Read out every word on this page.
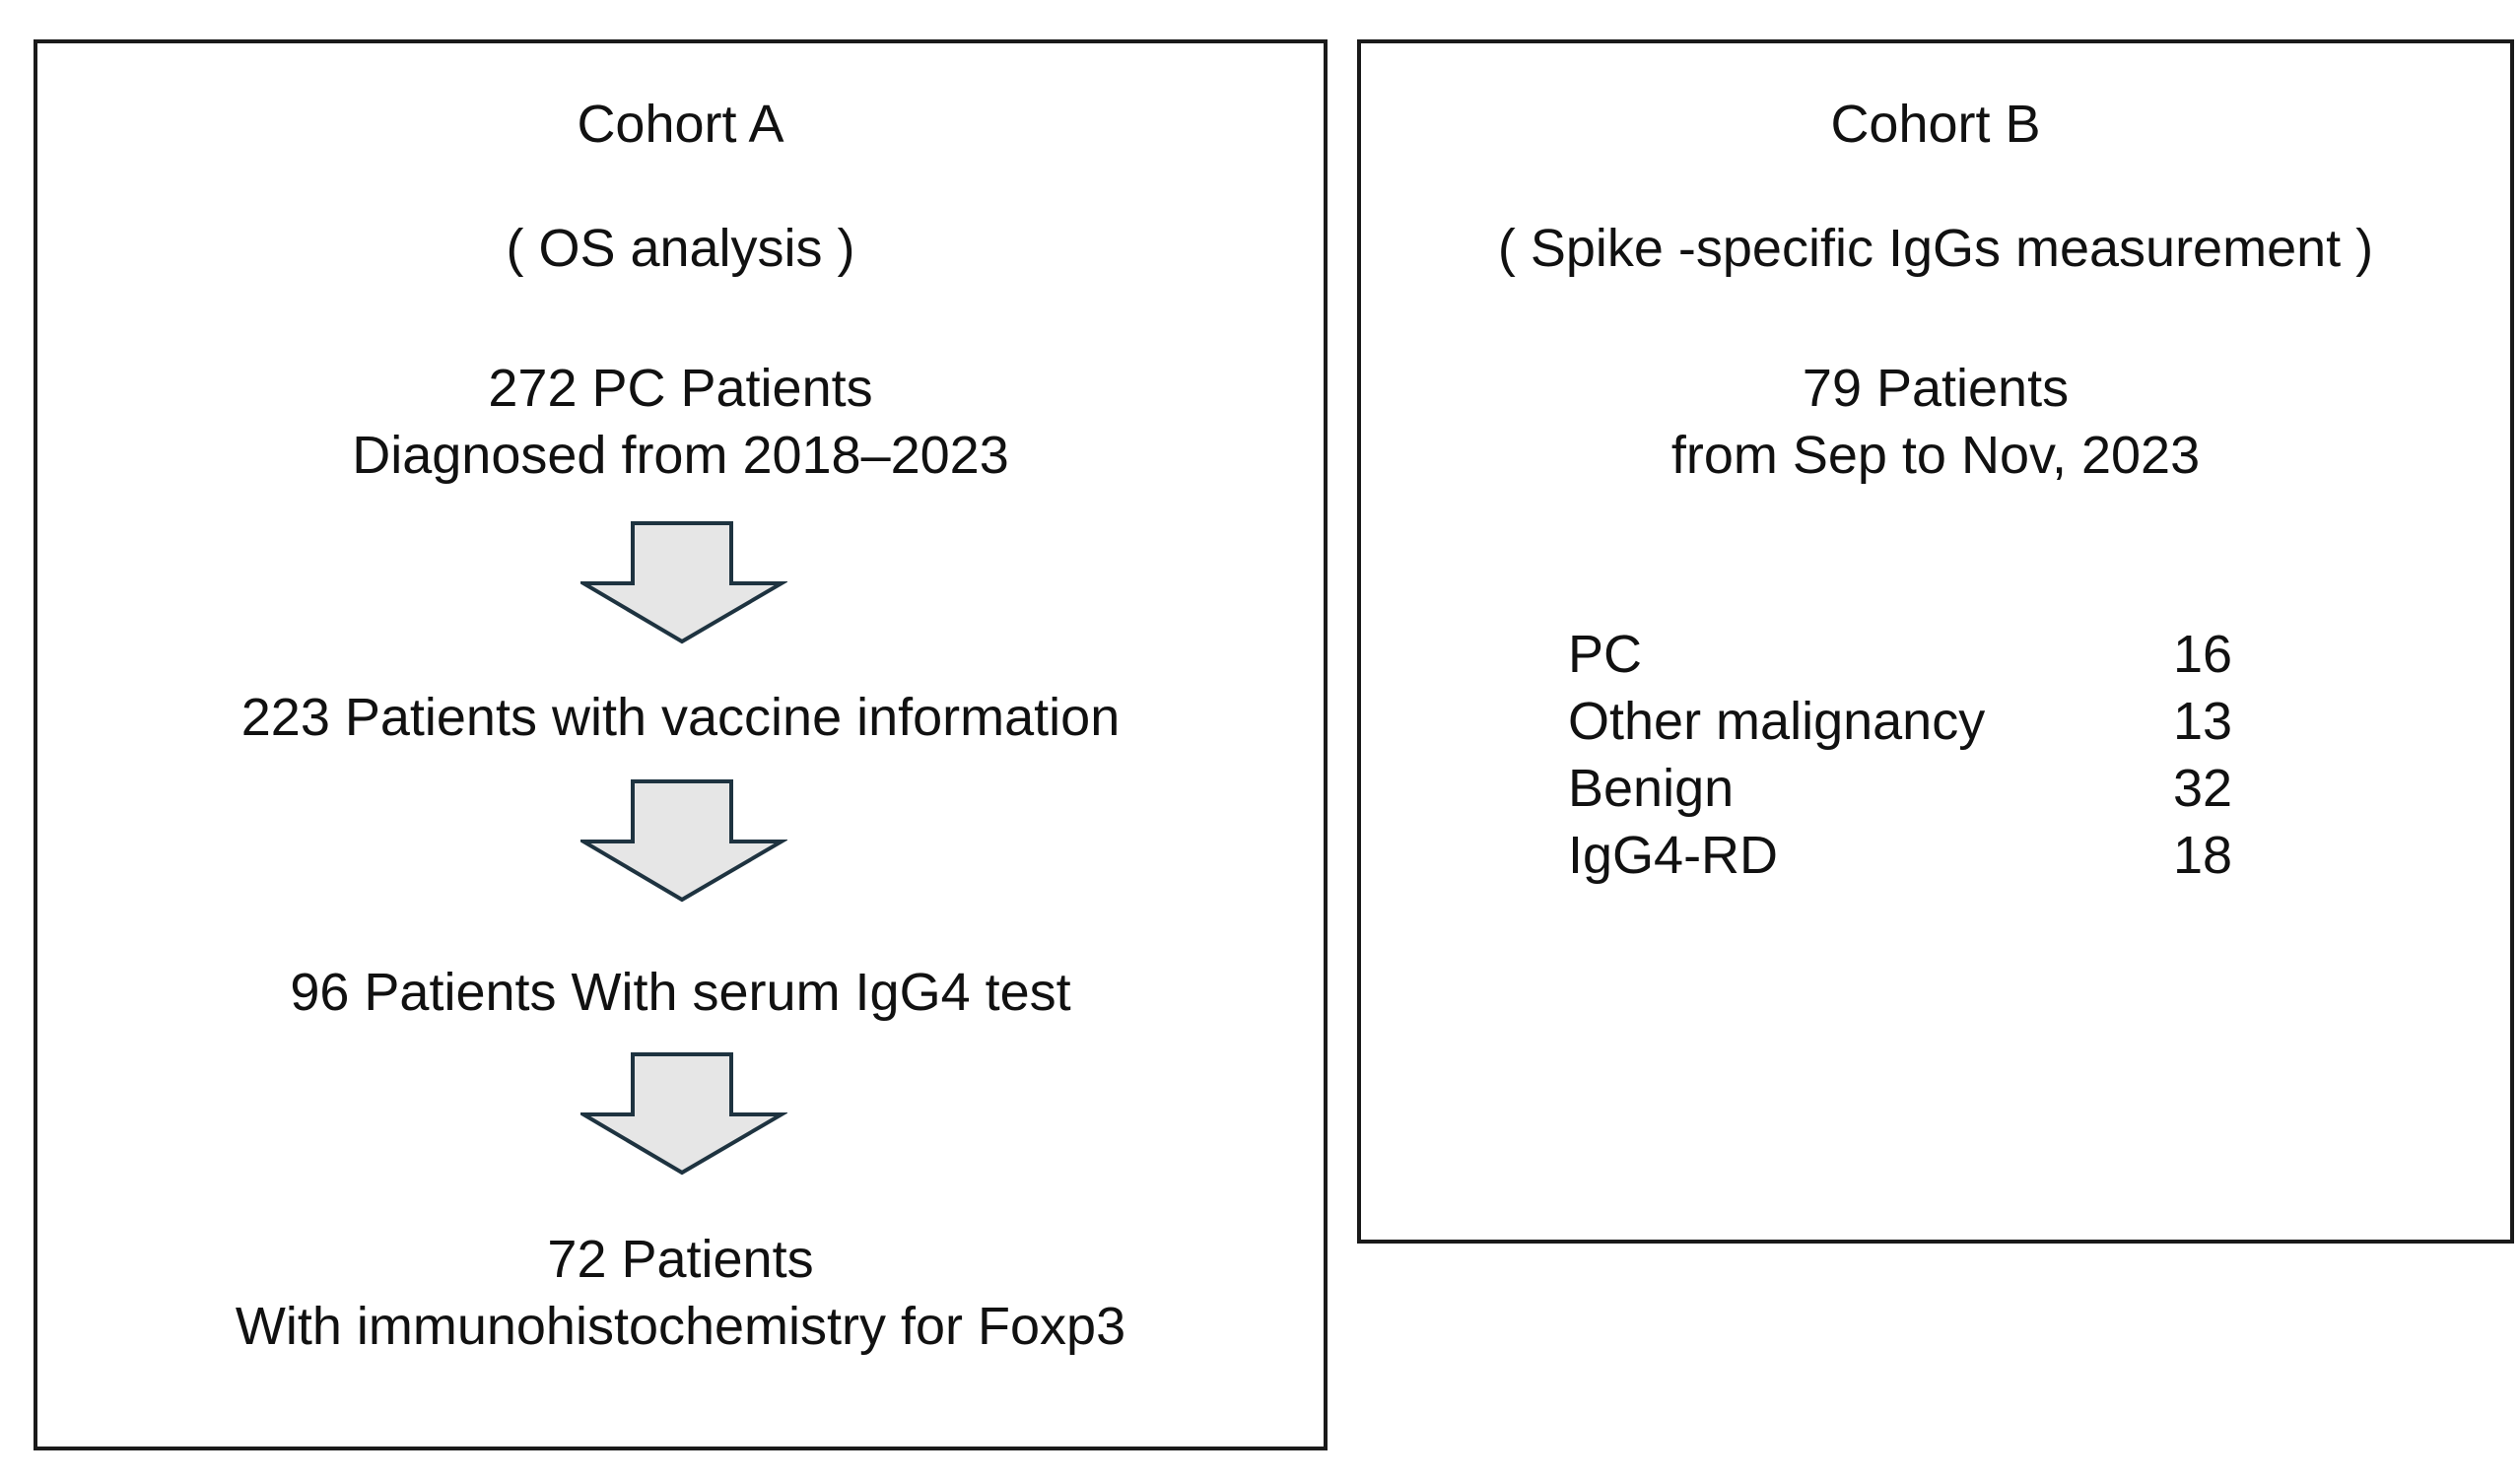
Cohort A
( OS analysis )
272 PC Patients
Diagnosed from 2018–2023
223 Patients with vaccine information
96 Patients With serum IgG4 test
72 Patients
With immunohistochemistry for Foxp3
Cohort B
( Spike -specific IgGs measurement )
79 Patients
from Sep to Nov, 2023
PC	16
Other malignancy	13
Benign	32
IgG4-RD	18
